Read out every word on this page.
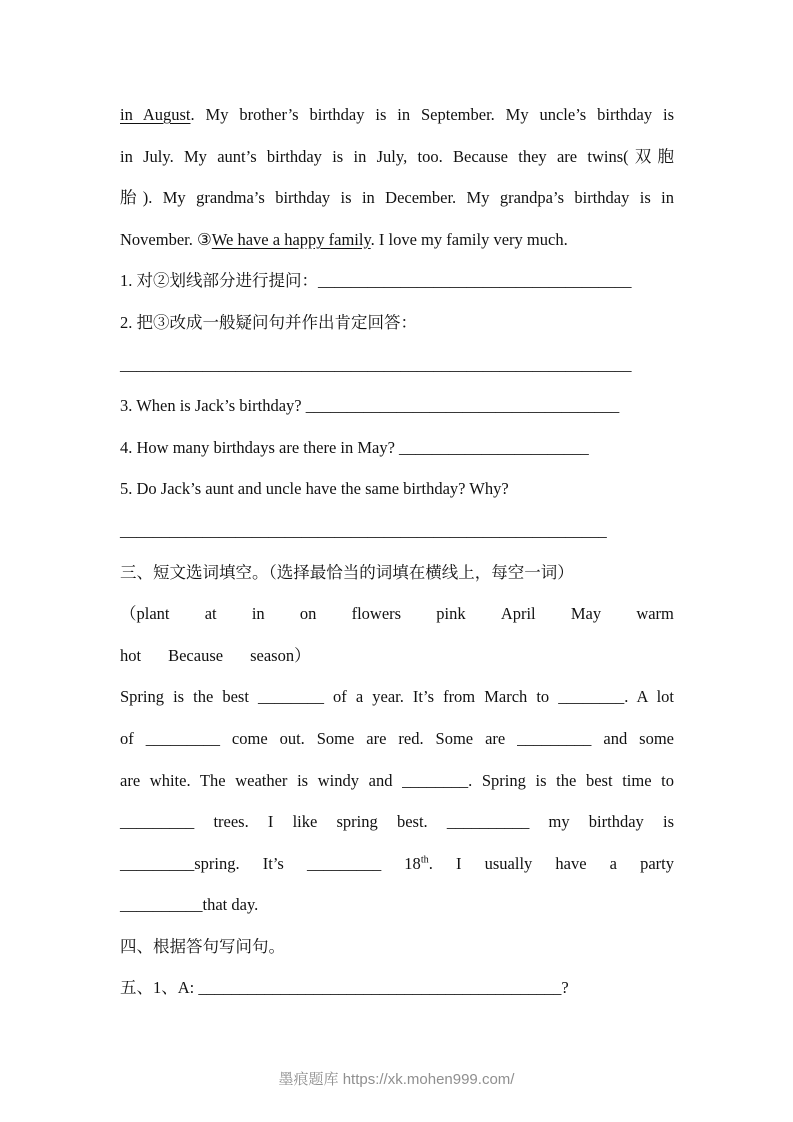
in August. My brother’s birthday is in September. My uncle’s birthday is
in July. My aunt’s birthday is in July, too. Because they are twins(双胞
胎). My grandma’s birthday is in December. My grandpa’s birthday is in
November. ③We have a happy family. I love my family very much.
1. 对②划线部分进行提问：______________________________________
2. 把③改成一般疑问句并作出肯定回答：
______________________________________________________________
3. When is Jack’s birthday? ______________________________________
4. How many birthdays are there in May? _______________________
5. Do Jack’s aunt and uncle have the same birthday? Why?
___________________________________________________________
三、短文选词填空。（选择最恰当的词填在横线上，每空一词）
（plant at in on flowers pink April May warm
hot Because season）
Spring is the best ________ of a year. It’s from March to ________. A lot
of _________ come out. Some are red. Some are _________ and some
are white. The weather is windy and ________. Spring is the best time to
_________ trees. I like spring best. __________ my birthday is
_________spring. It’s _________ 18th. I usually have a party
__________that day.
四、根据答句写问句。
五、1、A: ____________________________________________?
墨痕题库 https://xk.mohen999.com/
